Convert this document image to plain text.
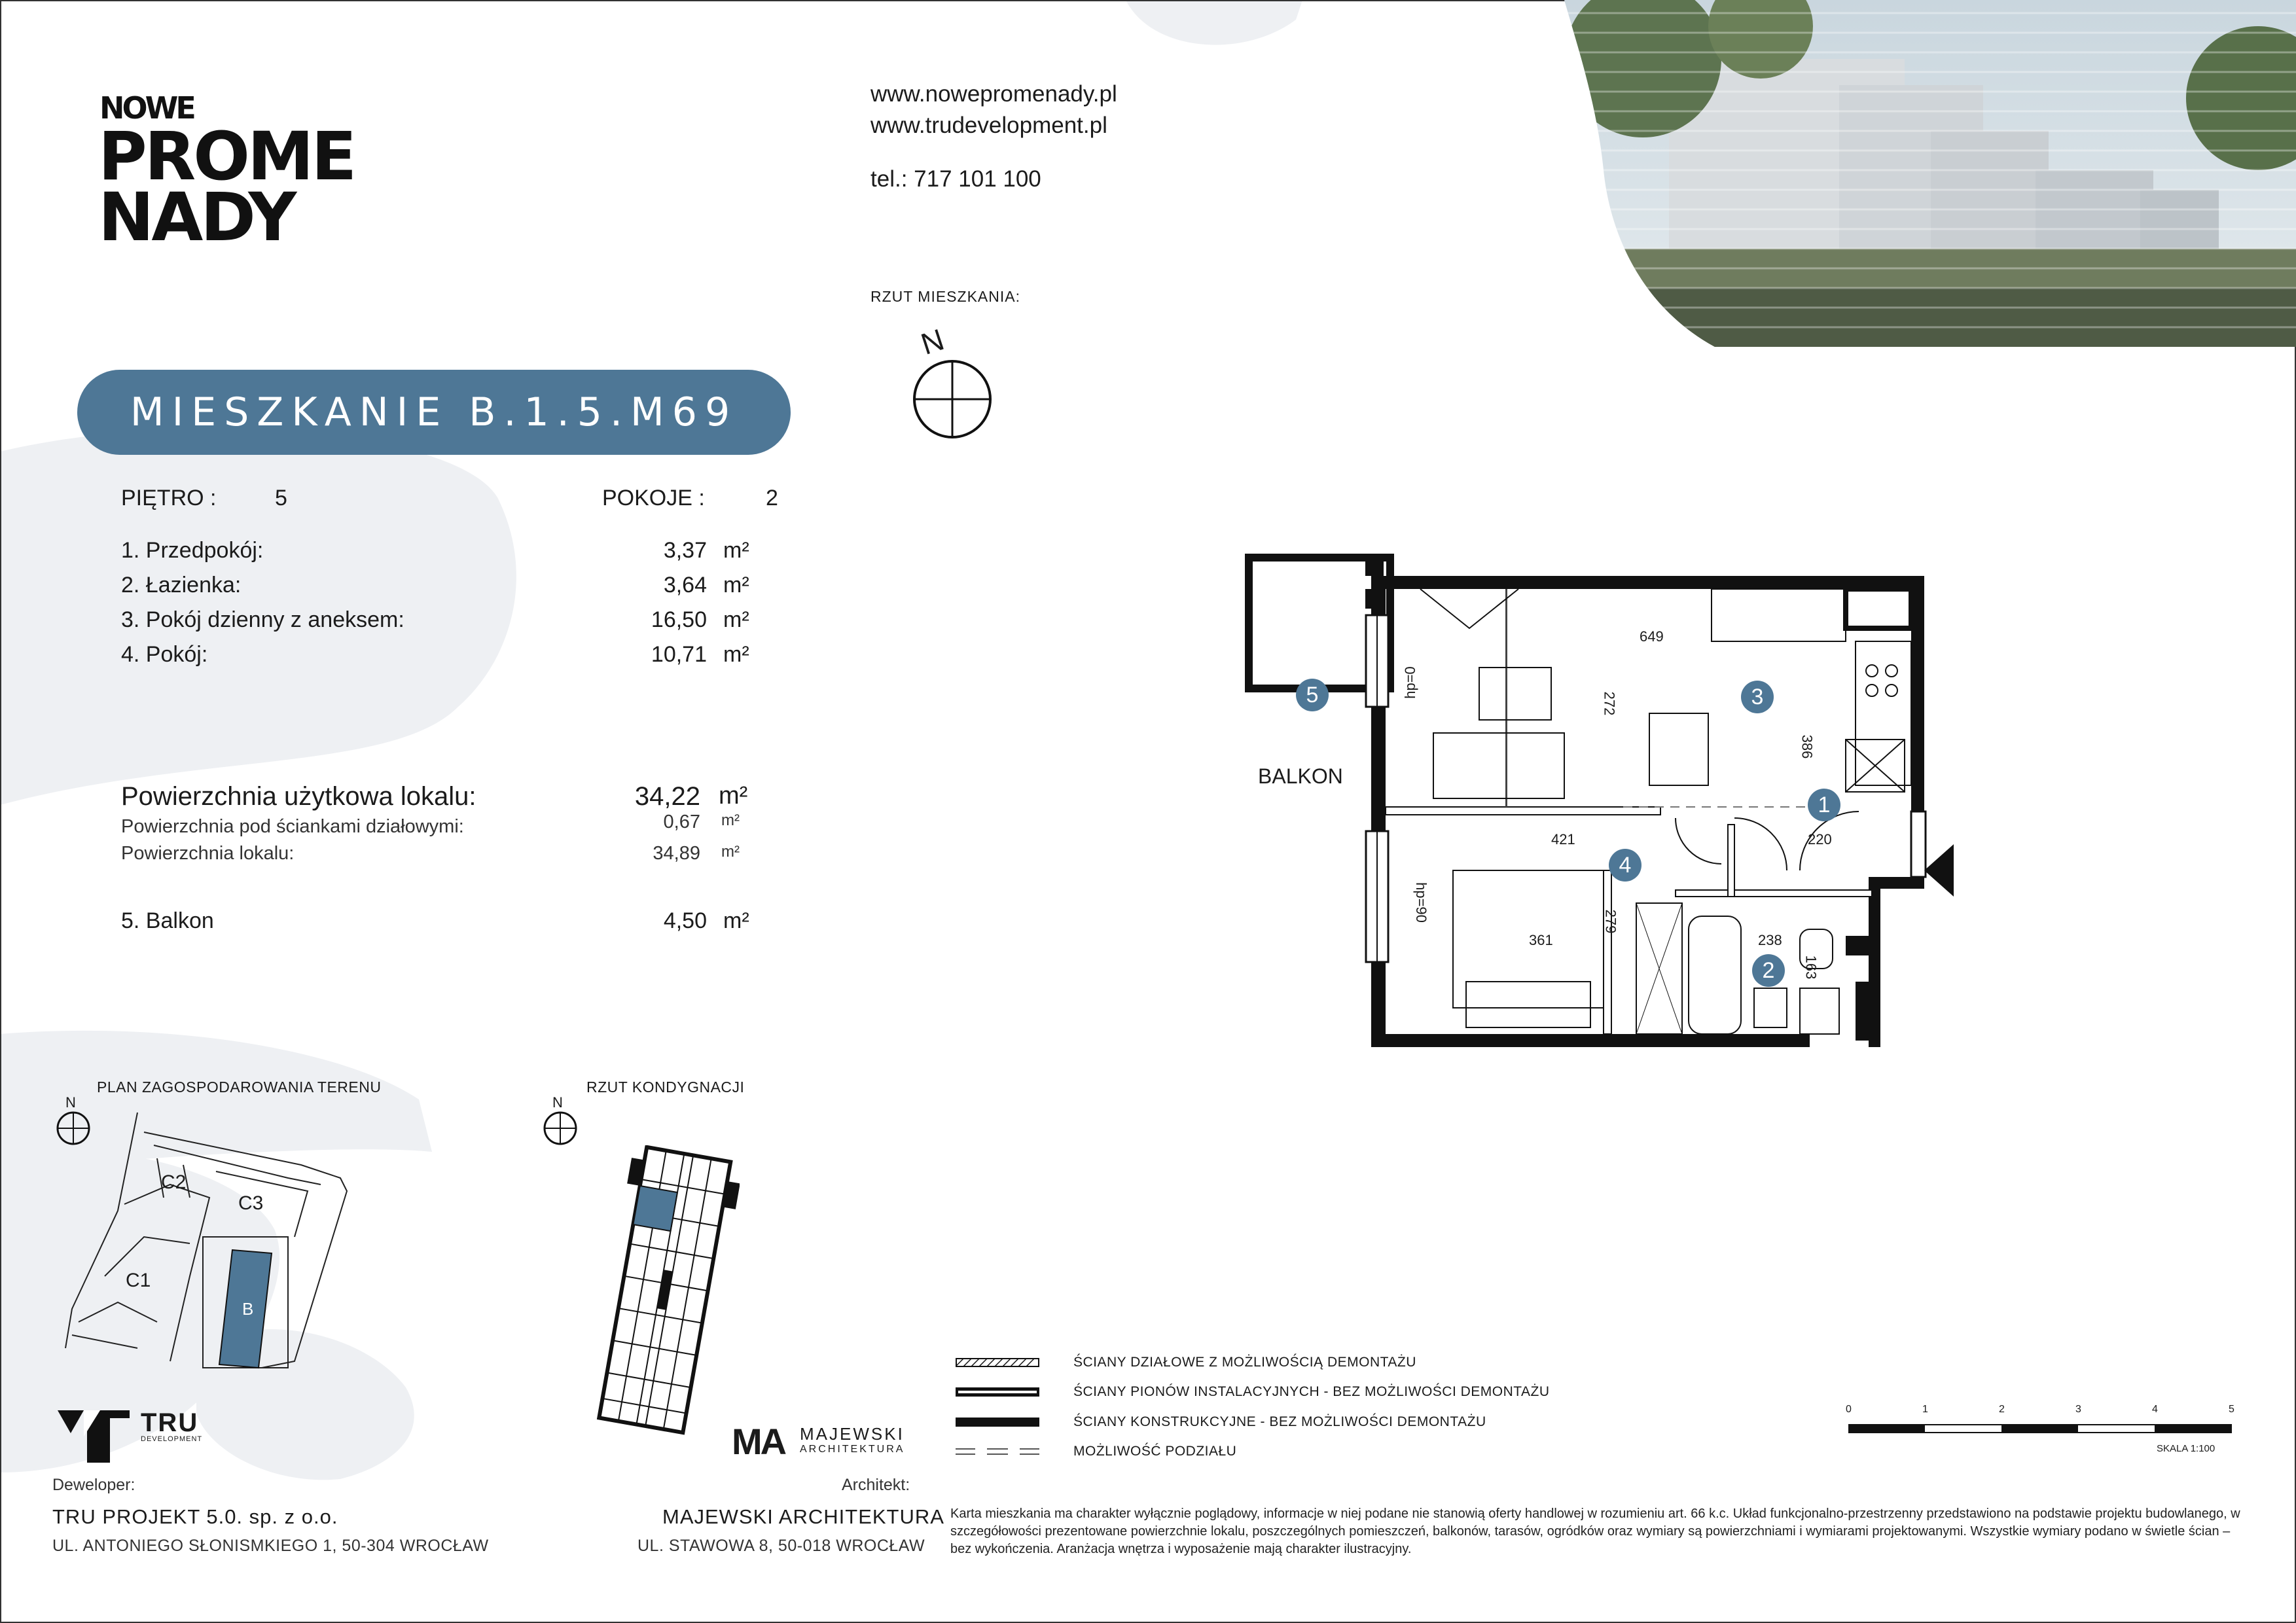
NOWE
PROME
NADY
www.nowepromenady.pl
www.trudevelopment.pl
tel.: 717 101 100
RZUT MIESZKANIA:
N
MIESZKANIE B.1.5.M69
PIĘTRO :	5	POKOJE :	2
1. Przedpokój:	3,37 m²
2. Łazienka:	3,64 m²
3. Pokój dzienny z aneksem:	16,50 m²
4. Pokój:	10,71 m²
Powierzchnia użytkowa lokalu:	34,22 m²
Powierzchnia pod ściankami działowymi:	0,67 m²
Powierzchnia lokalu:	34,89 m²
5. Balkon	4,50 m²
5	3
1
4
2
BALKON
649
272
386
421	220
279
361	238
163
hp=0
hp=90
PLAN ZAGOSPODAROWANIA TERENU
N
C2
C3
C1
B
RZUT KONDYGNACJI
N
TRU
DEVELOPMENT
Deweloper:
TRU PROJEKT 5.0. sp. z o.o.
UL. ANTONIEGO SŁONISMKIEGO 1, 50-304 WROCŁAW
MA MAJEWSKI
ARCHITEKTURA
Architekt:
MAJEWSKI ARCHITEKTURA
UL. STAWOWA 8, 50-018 WROCŁAW
ŚCIANY DZIAŁOWE Z MOŻLIWOŚCIĄ DEMONTAŻU
ŚCIANY PIONÓW INSTALACYJNYCH - BEZ MOŻLIWOŚCI DEMONTAŻU
ŚCIANY KONSTRUKCYJNE - BEZ MOŻLIWOŚCI DEMONTAŻU
MOŻLIWOŚĆ PODZIAŁU
0	1	2	3	4	5
SKALA 1:100
Karta mieszkania ma charakter wyłącznie poglądowy, informacje w niej podane nie stanowią oferty handlowej w rozumieniu art. 66 k.c. Układ funkcjonalno-przestrzenny przedstawiono na podstawie projektu budowlanego, w szczegółowości prezentowane powierzchnie lokalu, poszczególnych pomieszczeń, balkonów, tarasów, ogródków oraz wymiary są powierzchniami i wymiarami projektowanymi. Wszystkie wymiary podano w świetle ścian – bez wykończenia. Aranżacja wnętrza i wyposażenie mają charakter ilustracyjny.
